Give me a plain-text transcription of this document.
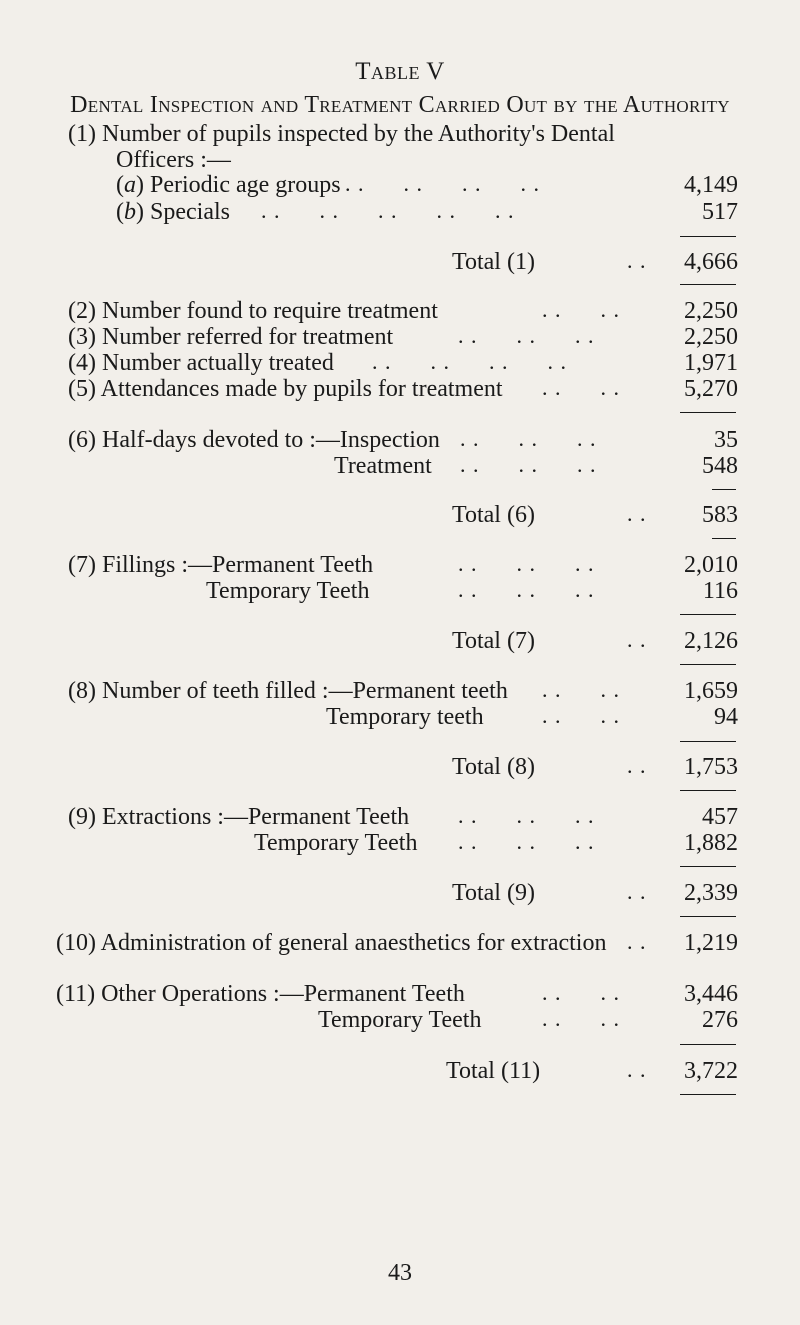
Table V
Dental Inspection and Treatment Carried Out by the Authority
(1) Number of pupils inspected by the Authority's Dental
Officers :—
(a) Periodic age groups . . . . . . . .	4,149
(b) Specials . . . . . . . . . .	517
Total (1)	. .	4,666
(2) Number found to require treatment	. . . .	2,250
(3) Number referred for treatment	. . . . . .	2,250
(4) Number actually treated . . . . . . . .	1,971
(5) Attendances made by pupils for treatment . . . .	5,270
(6) Half-days devoted to :—Inspection . . . . . .	35
Treatment . . . . . .	548
Total (6)	. .	583
(7) Fillings :—Permanent Teeth	. . . . . .	2,010
Temporary Teeth	. . . . . .	116
Total (7)	. .	2,126
(8) Number of teeth filled :—Permanent teeth . . . .	1,659
Temporary teeth	. . . .	94
Total (8)	. .	1,753
(9) Extractions :—Permanent Teeth . . . . . .	457
Temporary Teeth . . . . . .	1,882
Total (9)	. .	2,339
(10) Administration of general anaesthetics for extraction . .	1,219
(11) Other Operations :—Permanent Teeth	. . . .	3,446
Temporary Teeth	. . . .	276
Total (11)	. .	3,722
43
